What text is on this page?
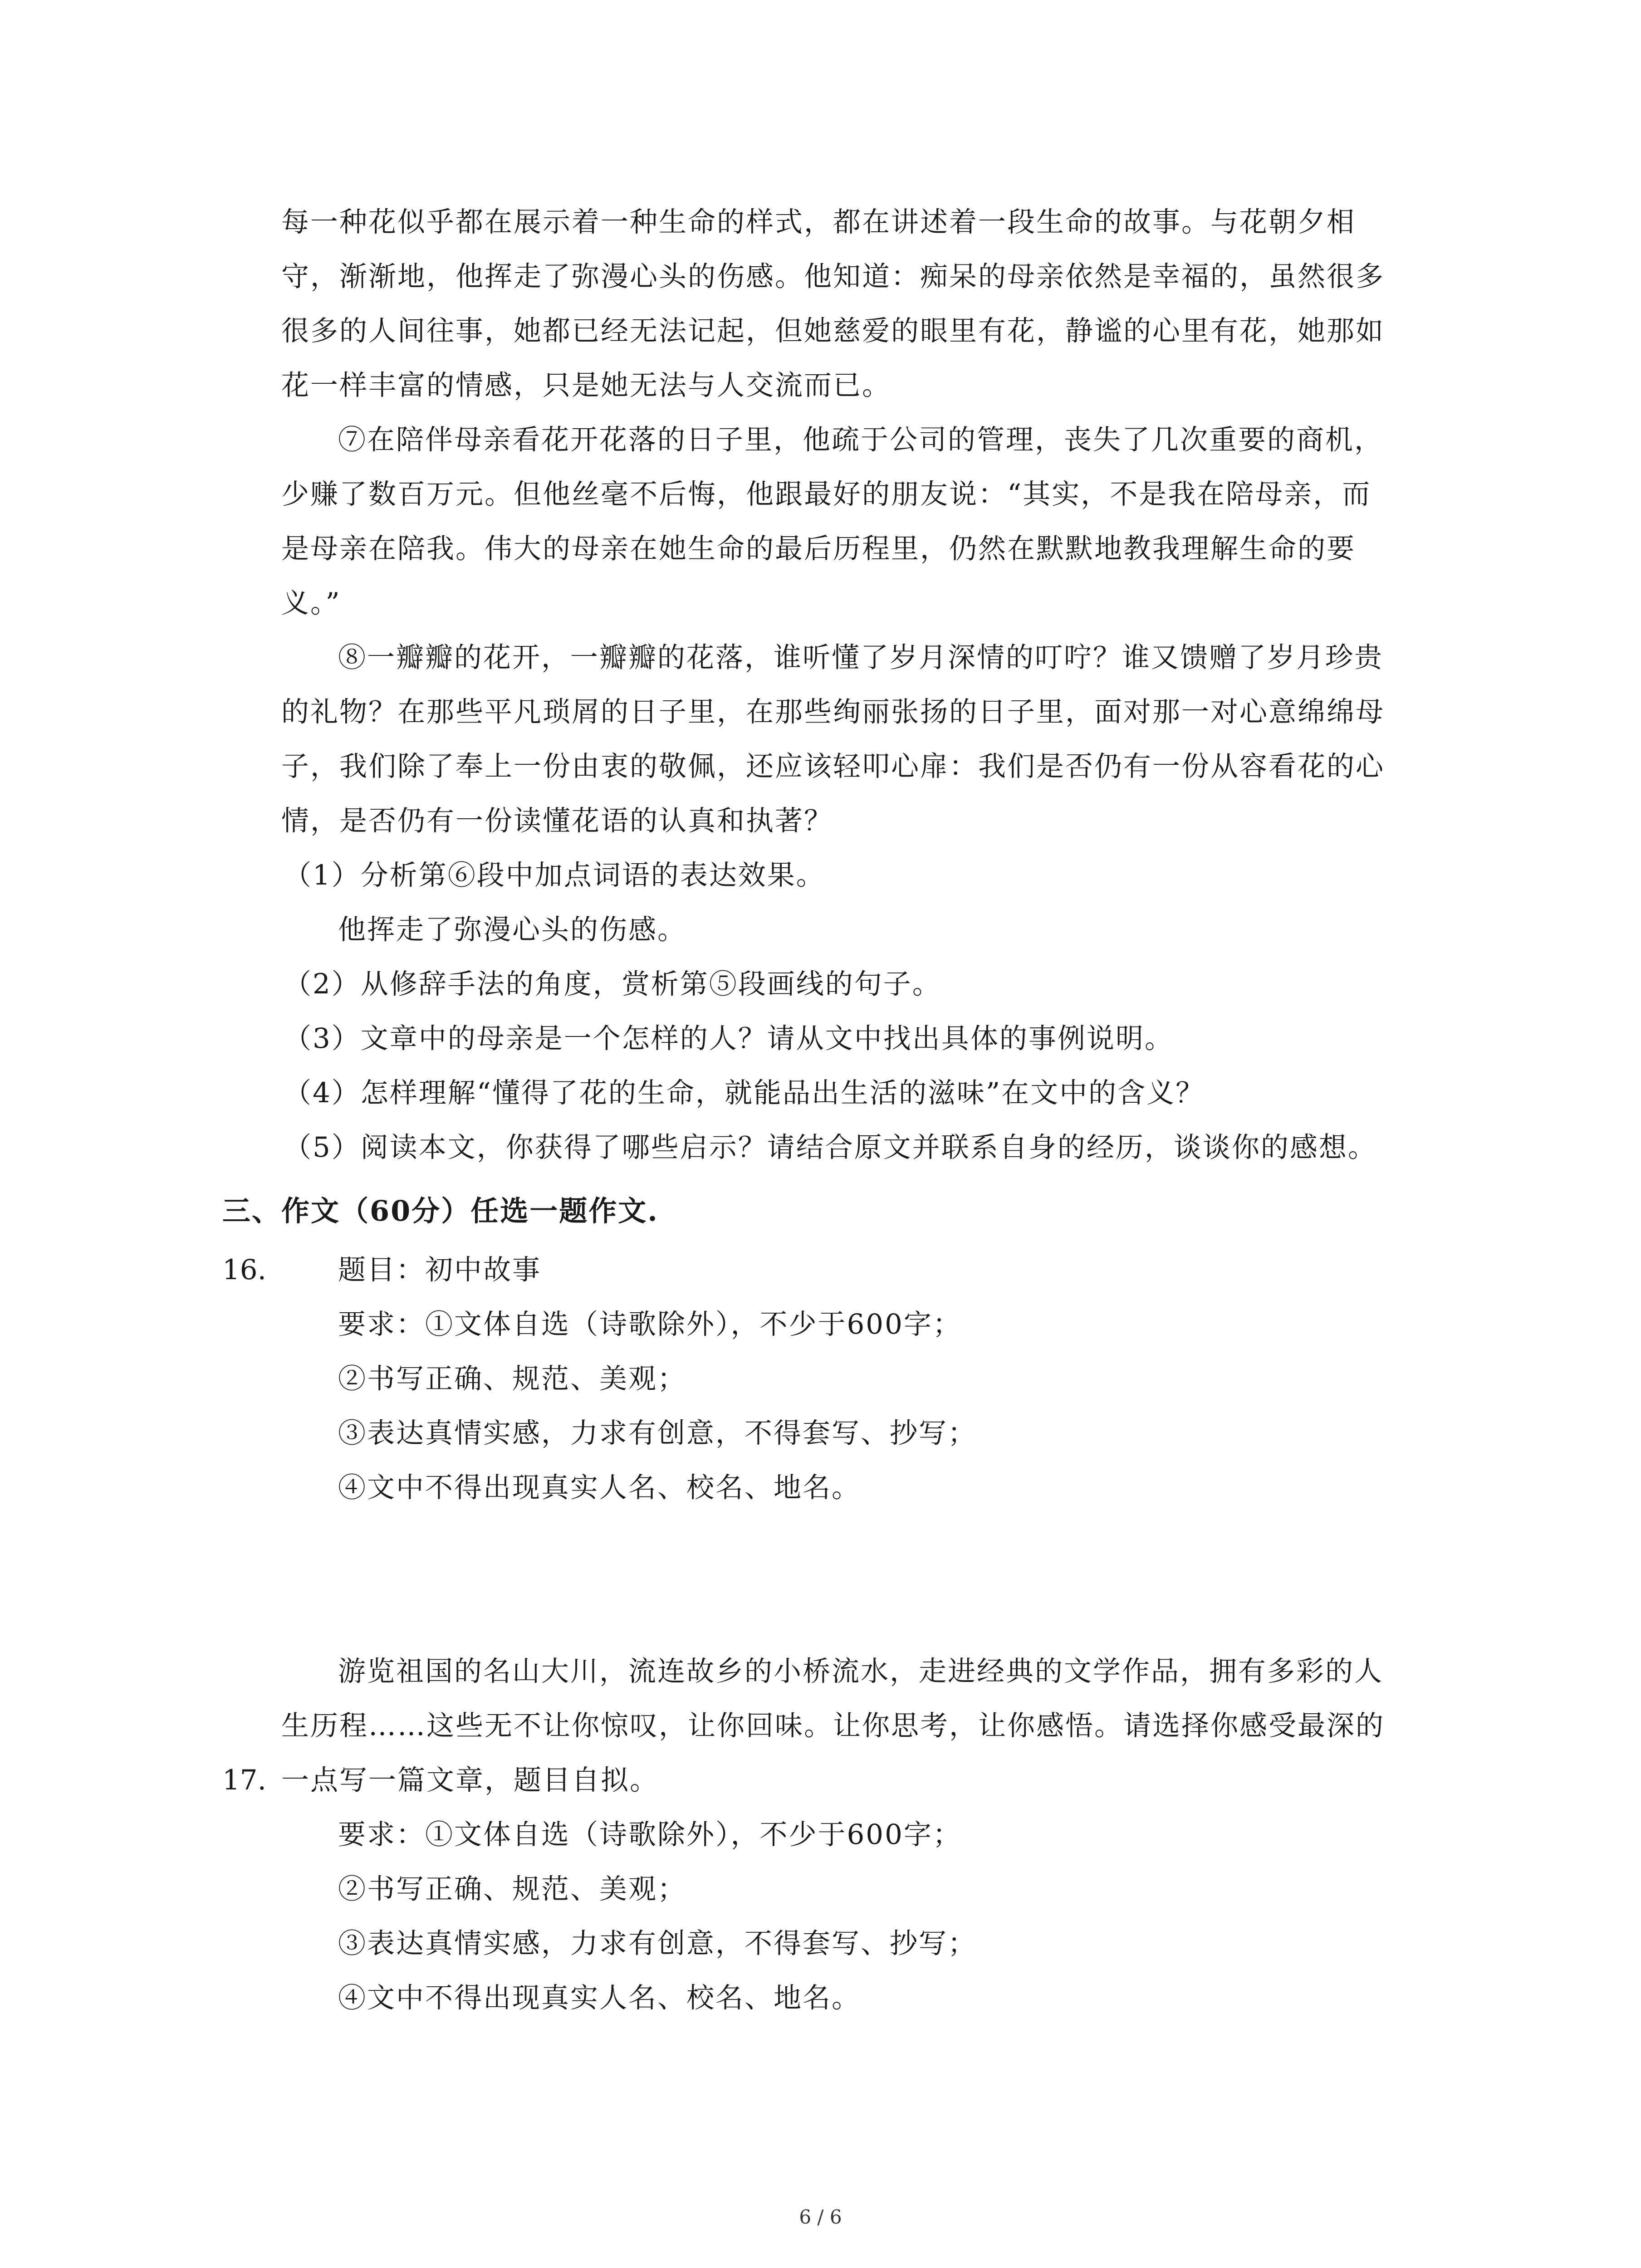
每一种花似乎都在展示着一种生命的样式，都在讲述着一段生命的故事。与花朝夕相
守，渐渐地，他挥走了弥漫心头的伤感。他知道：痴呆的母亲依然是幸福的，虽然很多
很多的人间往事，她都已经无法记起，但她慈爱的眼里有花，静谧的心里有花，她那如
花一样丰富的情感，只是她无法与人交流而已。
⑦在陪伴母亲看花开花落的日子里，他疏于公司的管理，丧失了几次重要的商机，
少赚了数百万元。但他丝毫不后悔，他跟最好的朋友说：“其实，不是我在陪母亲，而
是母亲在陪我。伟大的母亲在她生命的最后历程里，仍然在默默地教我理解生命的要
义。”
⑧一瓣瓣的花开，一瓣瓣的花落，谁听懂了岁月深情的叮咛？谁又馈赠了岁月珍贵
的礼物？在那些平凡琐屑的日子里，在那些绚丽张扬的日子里，面对那一对心意绵绵母
子，我们除了奉上一份由衷的敬佩，还应该轻叩心扉：我们是否仍有一份从容看花的心
情，是否仍有一份读懂花语的认真和执著？
（1）分析第⑥段中加点词语的表达效果。
他挥走了弥漫心头的伤感。
（2）从修辞手法的角度，赏析第⑤段画线的句子。
（3）文章中的母亲是一个怎样的人？请从文中找出具体的事例说明。
（4）怎样理解“懂得了花的生命，就能品出生活的滋味”在文中的含义？
（5）阅读本文，你获得了哪些启示？请结合原文并联系自身的经历，谈谈你的感想。
三、作文（60分）任选一题作文.
16.	题目：初中故事
要求：①文体自选（诗歌除外），不少于600字；
②书写正确、规范、美观；
③表达真情实感，力求有创意，不得套写、抄写；
④文中不得出现真实人名、校名、地名。
游览祖国的名山大川，流连故乡的小桥流水，走进经典的文学作品，拥有多彩的人
生历程……这些无不让你惊叹，让你回味。让你思考，让你感悟。请选择你感受最深的
17. 一点写一篇文章，题目自拟。
要求：①文体自选（诗歌除外），不少于600字；
②书写正确、规范、美观；
③表达真情实感，力求有创意，不得套写、抄写；
④文中不得出现真实人名、校名、地名。
6 / 6
